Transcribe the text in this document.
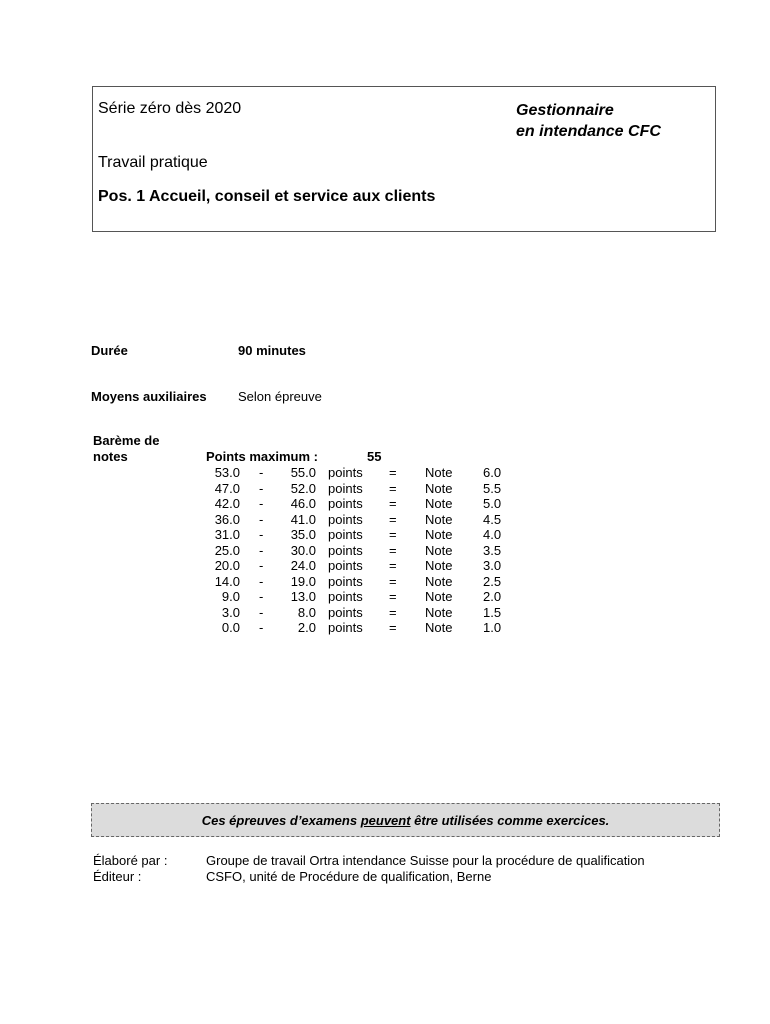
Série zéro dès 2020	Gestionnaire
en intendance CFC
Travail pratique
Pos. 1 Accueil, conseil et service aux clients
Durée	90 minutes
Moyens auxiliaires Selon épreuve
Barème de
notes	Points maximum :	55
53.0 - 55.0 points = Note 6.0
47.0 - 52.0 points = Note 5.5
42.0 - 46.0 points = Note 5.0
36.0 - 41.0 points = Note 4.5
31.0 - 35.0 points = Note 4.0
25.0 - 30.0 points = Note 3.5
20.0 - 24.0 points = Note 3.0
14.0 - 19.0 points = Note 2.5
9.0 - 13.0 points = Note 2.0
3.0 -	8.0 points = Note 1.5
0.0 -	2.0 points = Note 1.0
Ces épreuves d’examens peuvent être utilisées comme exercices.
Élaboré par :	Groupe de travail Ortra intendance Suisse pour la procédure de qualification
Éditeur :	CSFO, unité de Procédure de qualification, Berne
